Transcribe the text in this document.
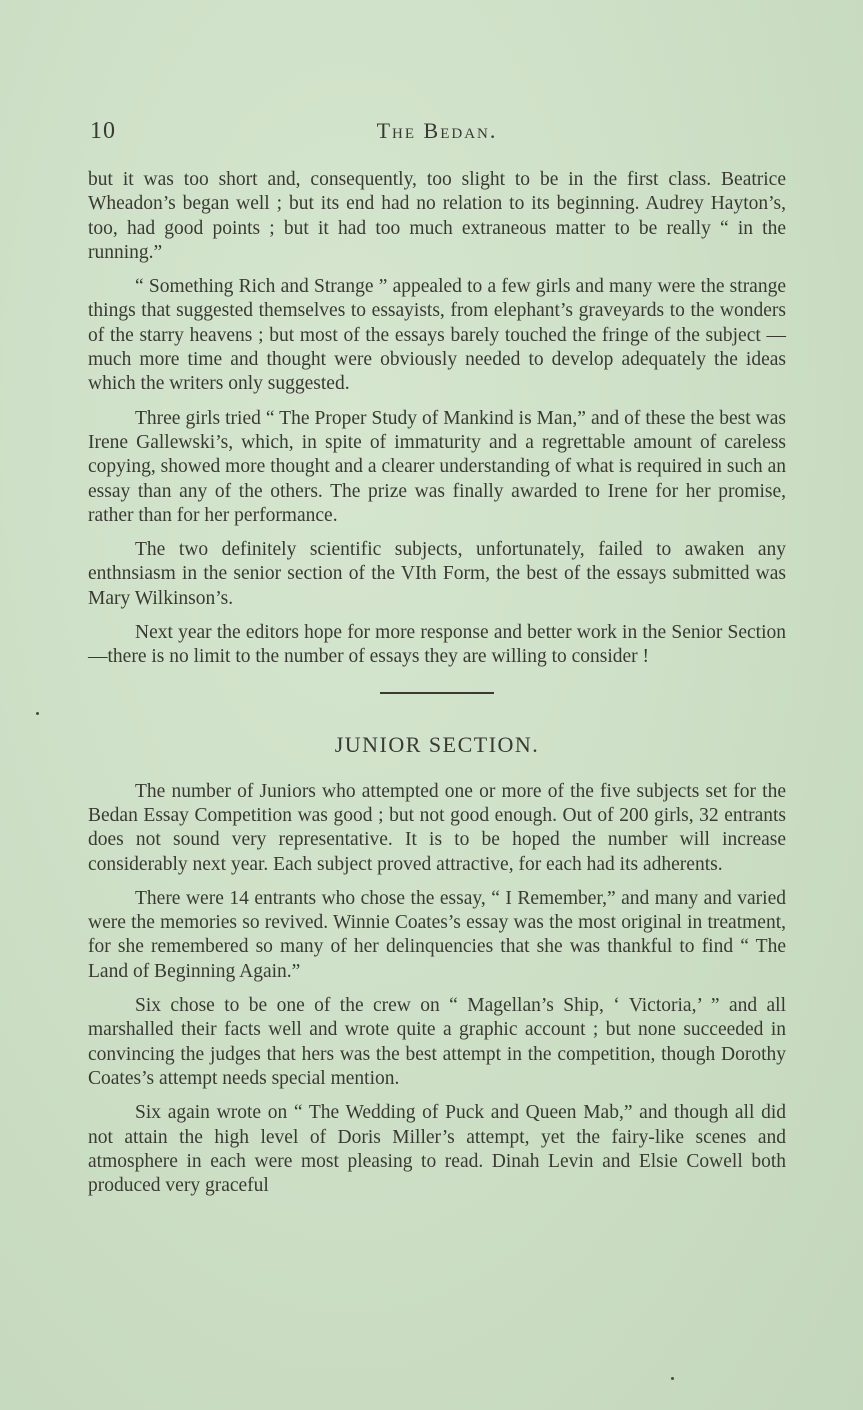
10	The Bedan.

but it was too short and, consequently, too slight to be in the first class. Beatrice Wheadon’s began well ; but its end had no relation to its beginning. Audrey Hayton’s, too, had good points ; but it had too much extraneous matter to be really “ in the running.”

“ Something Rich and Strange ” appealed to a few girls and many were the strange things that suggested themselves to essayists, from elephant’s graveyards to the wonders of the starry heavens ; but most of the essays barely touched the fringe of the subject — much more time and thought were obviously needed to develop adequately the ideas which the writers only suggested.

Three girls tried “ The Proper Study of Mankind is Man,” and of these the best was Irene Gallewski’s, which, in spite of immaturity and a regrettable amount of careless copying, showed more thought and a clearer understanding of what is required in such an essay than any of the others. The prize was finally awarded to Irene for her promise, rather than for her performance.

The two definitely scientific subjects, unfortunately, failed to awaken any enthnsiasm in the senior section of the VIth Form, the best of the essays submitted was Mary Wilkinson’s.

Next year the editors hope for more response and better work in the Senior Section—there is no limit to the number of essays they are willing to consider !

JUNIOR SECTION.

The number of Juniors who attempted one or more of the five subjects set for the Bedan Essay Competition was good ; but not good enough. Out of 200 girls, 32 entrants does not sound very representative. It is to be hoped the number will increase considerably next year. Each subject proved attractive, for each had its adherents.

There were 14 entrants who chose the essay, “ I Remember,” and many and varied were the memories so revived. Winnie Coates’s essay was the most original in treatment, for she remembered so many of her delinquencies that she was thankful to find “ The Land of Beginning Again.”

Six chose to be one of the crew on “ Magellan’s Ship, ‘ Victoria,’ ” and all marshalled their facts well and wrote quite a graphic account ; but none succeeded in convincing the judges that hers was the best attempt in the competition, though Dorothy Coates’s attempt needs special mention.

Six again wrote on “ The Wedding of Puck and Queen Mab,” and though all did not attain the high level of Doris Miller’s attempt, yet the fairy-like scenes and atmosphere in each were most pleasing to read. Dinah Levin and Elsie Cowell both produced very graceful
